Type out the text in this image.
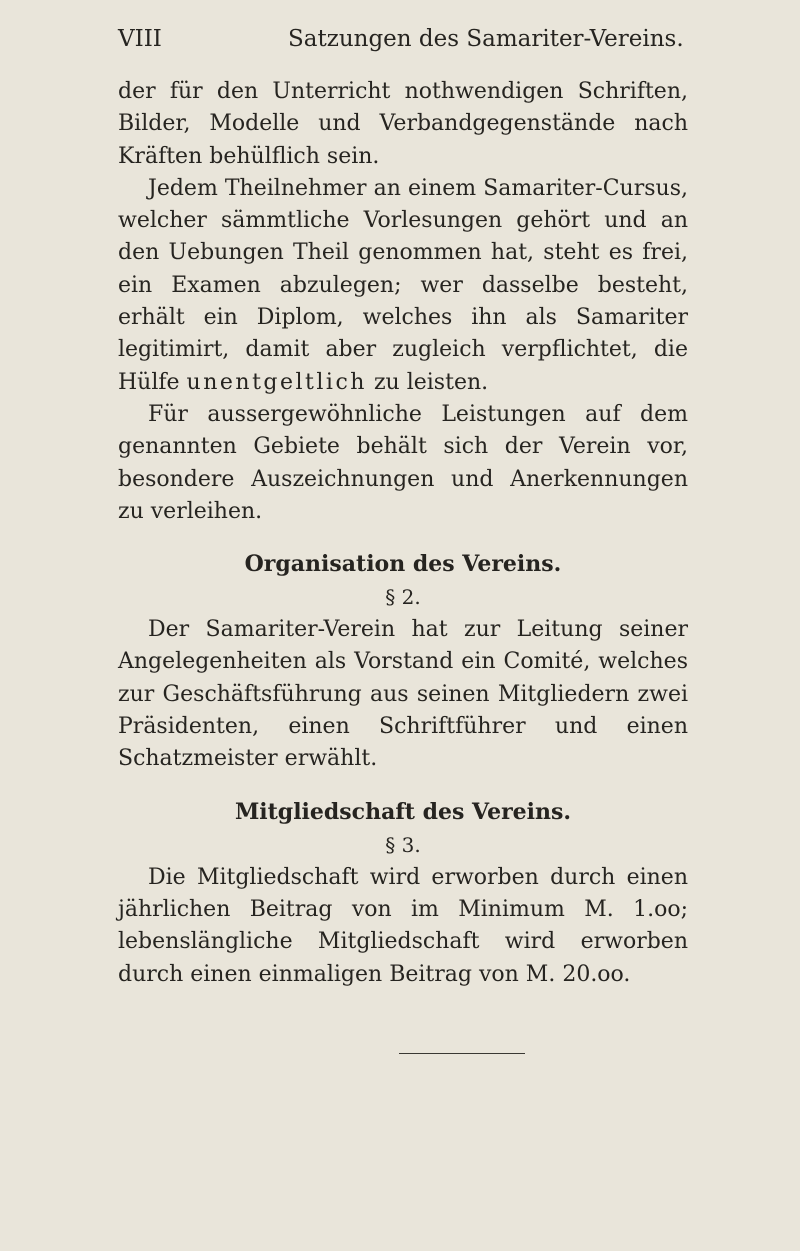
VIII	Satzungen des Samariter-Vereins.

der für den Unterricht nothwendigen Schriften, Bilder, Modelle und Verbandgegenstände nach Kräften behülflich sein.

Jedem Theilnehmer an einem Samariter-Cursus, welcher sämmtliche Vorlesungen gehört und an den Uebungen Theil genommen hat, steht es frei, ein Examen abzulegen; wer dasselbe besteht, erhält ein Diplom, welches ihn als Samariter legitimirt, damit aber zugleich verpflichtet, die Hülfe unentgeltlich zu leisten.

Für aussergewöhnliche Leistungen auf dem genannten Gebiete behält sich der Verein vor, besondere Auszeichnungen und Anerkennungen zu verleihen.

Organisation des Vereins.
§ 2.

Der Samariter-Verein hat zur Leitung seiner Angelegenheiten als Vorstand ein Comité, welches zur Geschäftsführung aus seinen Mitgliedern zwei Präsidenten, einen Schriftführer und einen Schatzmeister erwählt.

Mitgliedschaft des Vereins.
§ 3.

Die Mitgliedschaft wird erworben durch einen jährlichen Beitrag von im Minimum M. 1.oo; lebenslängliche Mitgliedschaft wird erworben durch einen einmaligen Beitrag von M. 20.oo.
